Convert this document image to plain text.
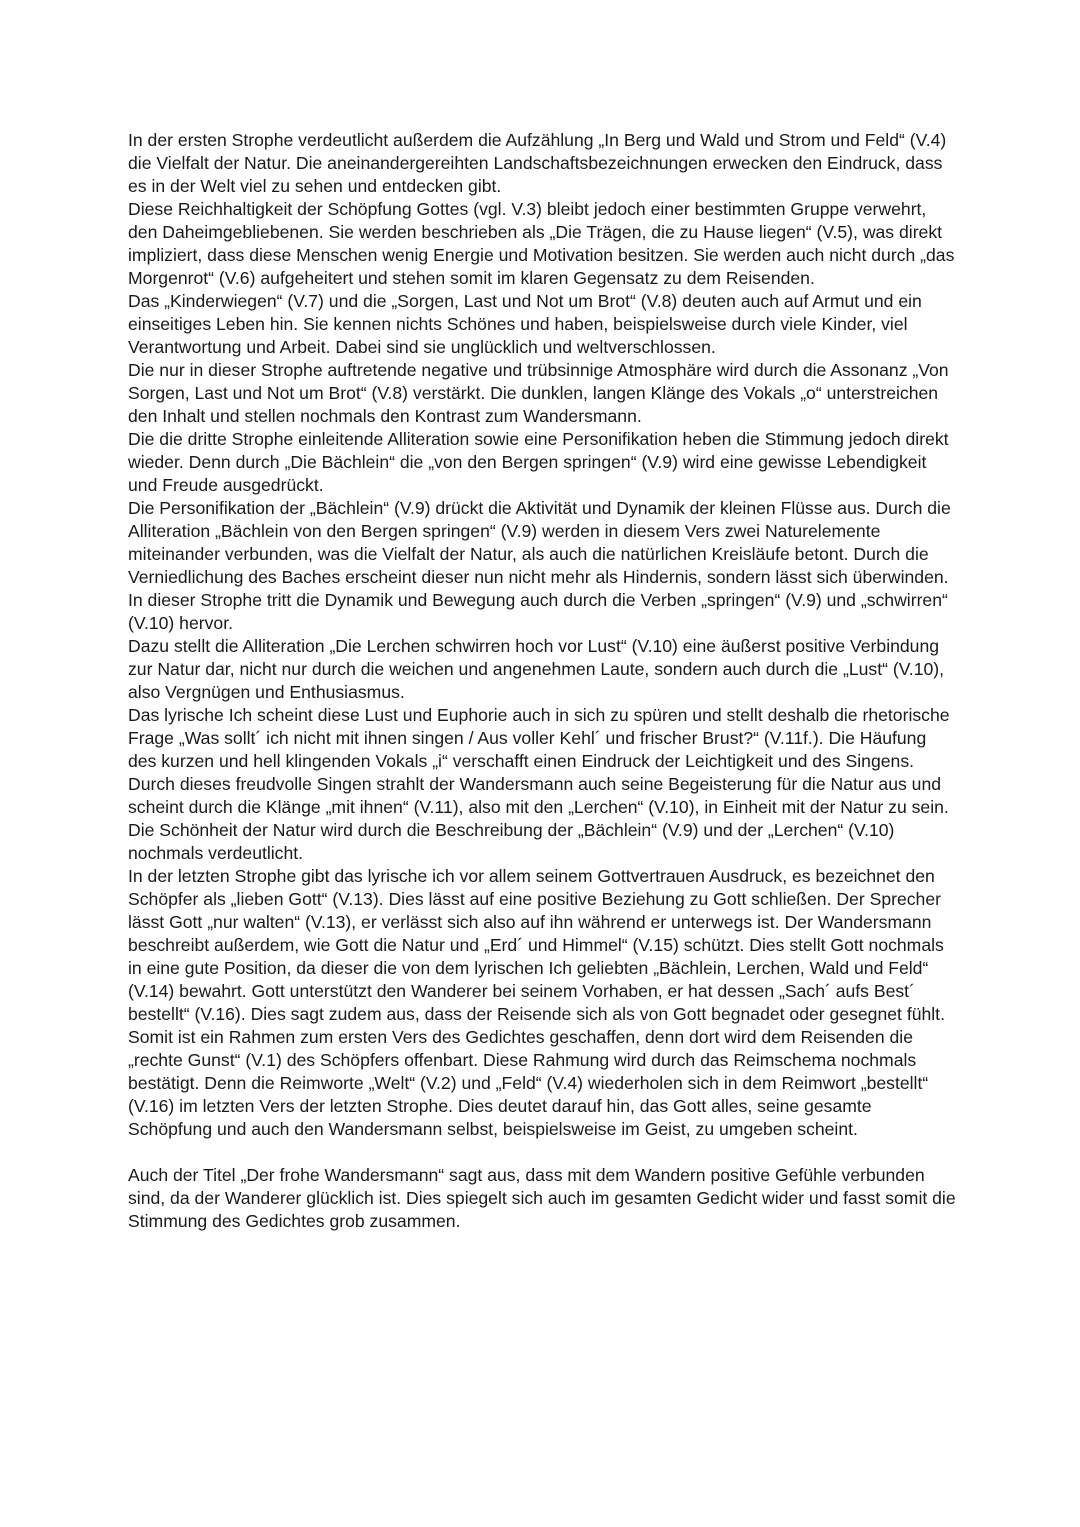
In der ersten Strophe verdeutlicht außerdem die Aufzählung „In Berg und Wald und Strom und Feld“ (V.4) die Vielfalt der Natur. Die aneinandergereihten Landschaftsbezeichnungen erwecken den Eindruck, dass es in der Welt viel zu sehen und entdecken gibt.

Diese Reichhaltigkeit der Schöpfung Gottes (vgl. V.3) bleibt jedoch einer bestimmten Gruppe verwehrt, den Daheimgebliebenen. Sie werden beschrieben als „Die Trägen, die zu Hause liegen“ (V.5), was direkt impliziert, dass diese Menschen wenig Energie und Motivation besitzen. Sie werden auch nicht durch „das Morgenrot“ (V.6) aufgeheitert und stehen somit im klaren Gegensatz zu dem Reisenden.

Das „Kinderwiegen“ (V.7) und die „Sorgen, Last und Not um Brot“ (V.8) deuten auch auf Armut und ein einseitiges Leben hin. Sie kennen nichts Schönes und haben, beispielsweise durch viele Kinder, viel Verantwortung und Arbeit. Dabei sind sie unglücklich und weltverschlossen.

Die nur in dieser Strophe auftretende negative und trübsinnige Atmosphäre wird durch die Assonanz „Von Sorgen, Last und Not um Brot“ (V.8) verstärkt. Die dunklen, langen Klänge des Vokals „o“ unterstreichen den Inhalt und stellen nochmals den Kontrast zum Wandersmann.

Die die dritte Strophe einleitende Alliteration sowie eine Personifikation heben die Stimmung jedoch direkt wieder. Denn durch „Die Bächlein“ die „von den Bergen springen“ (V.9) wird eine gewisse Lebendigkeit und Freude ausgedrückt.

Die Personifikation der „Bächlein“ (V.9) drückt die Aktivität und Dynamik der kleinen Flüsse aus. Durch die Alliteration „Bächlein von den Bergen springen“ (V.9) werden in diesem Vers zwei Naturelemente miteinander verbunden, was die Vielfalt der Natur, als auch die natürlichen Kreisläufe betont. Durch die Verniedlichung des Baches erscheint dieser nun nicht mehr als Hindernis, sondern lässt sich überwinden.

In dieser Strophe tritt die Dynamik und Bewegung auch durch die Verben „springen“ (V.9) und „schwirren“ (V.10) hervor.

Dazu stellt die Alliteration „Die Lerchen schwirren hoch vor Lust“ (V.10) eine äußerst positive Verbindung zur Natur dar, nicht nur durch die weichen und angenehmen Laute, sondern auch durch die „Lust“ (V.10), also Vergnügen und Enthusiasmus.

Das lyrische Ich scheint diese Lust und Euphorie auch in sich zu spüren und stellt deshalb die rhetorische Frage „Was sollt´ ich nicht mit ihnen singen / Aus voller Kehl´ und frischer Brust?“ (V.11f.). Die Häufung des kurzen und hell klingenden Vokals „i“ verschafft einen Eindruck der Leichtigkeit und des Singens. Durch dieses freudvolle Singen strahlt der Wandersmann auch seine Begeisterung für die Natur aus und scheint durch die Klänge „mit ihnen“ (V.11), also mit den „Lerchen“ (V.10), in Einheit mit der Natur zu sein.

Die Schönheit der Natur wird durch die Beschreibung der „Bächlein“ (V.9) und der „Lerchen“ (V.10) nochmals verdeutlicht.

In der letzten Strophe gibt das lyrische ich vor allem seinem Gottvertrauen Ausdruck, es bezeichnet den Schöpfer als „lieben Gott“ (V.13). Dies lässt auf eine positive Beziehung zu Gott schließen. Der Sprecher lässt Gott „nur walten“ (V.13), er verlässt sich also auf ihn während er unterwegs ist. Der Wandersmann beschreibt außerdem, wie Gott die Natur und „Erd´ und Himmel“ (V.15) schützt. Dies stellt Gott nochmals in eine gute Position, da dieser die von dem lyrischen Ich geliebten „Bächlein, Lerchen, Wald und Feld“ (V.14) bewahrt. Gott unterstützt den Wanderer bei seinem Vorhaben, er hat dessen „Sach´ aufs Best´ bestellt“ (V.16). Dies sagt zudem aus, dass der Reisende sich als von Gott begnadet oder gesegnet fühlt.

Somit ist ein Rahmen zum ersten Vers des Gedichtes geschaffen, denn dort wird dem Reisenden die „rechte Gunst“ (V.1) des Schöpfers offenbart. Diese Rahmung wird durch das Reimschema nochmals bestätigt. Denn die Reimworte „Welt“ (V.2) und „Feld“ (V.4) wiederholen sich in dem Reimwort „bestellt“ (V.16) im letzten Vers der letzten Strophe. Dies deutet darauf hin, das Gott alles, seine gesamte Schöpfung und auch den Wandersmann selbst, beispielsweise im Geist, zu umgeben scheint.

Auch der Titel „Der frohe Wandersmann“ sagt aus, dass mit dem Wandern positive Gefühle verbunden sind, da der Wanderer glücklich ist. Dies spiegelt sich auch im gesamten Gedicht wider und fasst somit die Stimmung des Gedichtes grob zusammen.
